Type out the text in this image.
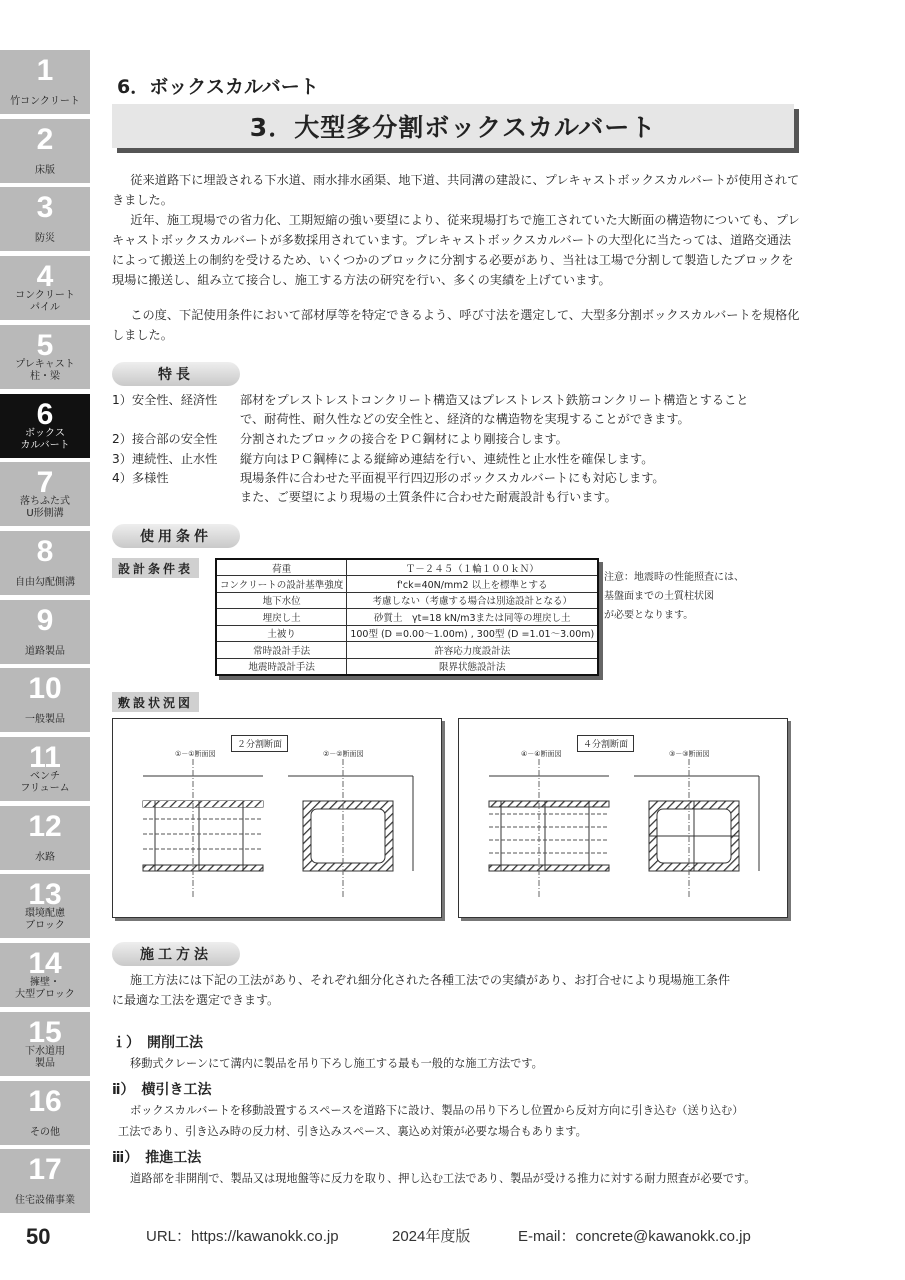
1
竹コンクリート
2
床版
3
防災
4
コンクリート
パイル
5
プレキャスト
柱・梁
6
ボックス
カルバート
7
落ちふた式
U形側溝
8
自由勾配側溝
9
道路製品
10
一般製品
11
ベンチ
フリューム
12
水路
13
環境配慮
ブロック
14
擁壁・
大型ブロック
15
下水道用
製品
16
その他
17
住宅設備事業
6．ボックスカルバート
3．大型多分割ボックスカルバート
従来道路下に埋設される下水道、雨水排水函渠、地下道、共同溝の建設に、プレキャストボックスカルバートが使用されてきました。
近年、施工現場での省力化、工期短縮の強い要望により、従来現場打ちで施工されていた大断面の構造物についても、プレキャストボックスカルバートが多数採用されています。プレキャストボックスカルバートの大型化に当たっては、道路交通法によって搬送上の制約を受けるため、いくつかのブロックに分割する必要があり、当社は工場で分割して製造したブロックを現場に搬送し、組み立て接合し、施工する方法の研究を行い、多くの実績を上げています。
この度、下記使用条件において部材厚等を特定できるよう、呼び寸法を選定して、大型多分割ボックスカルバートを規格化しました。
特長
1）安全性、経済性 部材をプレストレストコンクリート構造又はプレストレスト鉄筋コンクリート構造とすること
で、耐荷性、耐久性などの安全性と、経済的な構造物を実現することができます。
2）接合部の安全性 分割されたブロックの接合をＰＣ鋼材により剛接合します。
3）連続性、止水性 縦方向はＰＣ鋼棒による縦締め連結を行い、連続性と止水性を確保します。
4）多様性	現場条件に合わせた平面視平行四辺形のボックスカルバートにも対応します。
また、ご要望により現場の土質条件に合わせた耐震設計も行います。
使用条件
設計条件表	荷重	Ｔ－２４５（１輪１００ｋＮ）
コンクリートの設計基準強度	f'ck=40N/mm2 以上を標準とする
地下水位	考慮しない（考慮する場合は別途設計となる）
埋戻し土	砂質土　γt=18 kN/m3または同等の埋戻し土
土被り	100型 (D =0.00～1.00m) , 300型 (D =1.01～3.00m)
常時設計手法	許容応力度設計法
地震時設計手法	限界状態設計法
注意：地震時の性能照査には、
基盤面までの土質柱状図
が必要となります。
敷設状況図
２分割断面
①－①断面図	②－②断面図
４分割断面
④－④断面図	③－③断面図
施工方法
施工方法には下記の工法があり、それぞれ細分化された各種工法での実績があり、お打合せにより現場施工条件
に最適な工法を選定できます。
ｉ）　開削工法
移動式クレーンにて溝内に製品を吊り下ろし施工する最も一般的な施工方法です。
ⅱ）　横引き工法
ボックスカルバートを移動設置するスペースを道路下に設け、製品の吊り下ろし位置から反対方向に引き込む（送り込む）
工法であり、引き込み時の反力材、引き込みスペース、裏込め対策が必要な場合もあります。
ⅲ）　推進工法
道路部を非開削で、製品又は現地盤等に反力を取り、押し込む工法であり、製品が受ける推力に対する耐力照査が必要です。
50	URL：https://kawanokk.co.jp	2024年度版	E-mail：concrete@kawanokk.co.jp
